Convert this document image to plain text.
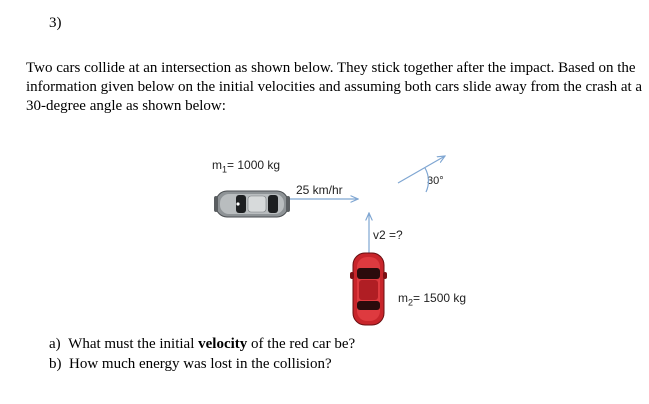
3)
Two cars collide at an intersection as shown below. They stick together after the impact. Based on the information given below on the initial velocities and assuming both cars slide away from the crash at a 30-degree angle as shown below:
$m_1= 1000$ kg
25 km/hr
v2 =?
30°
$m_2= 1500$ kg
a) What must the initial velocity of the red car be?
b) How much energy was lost in the collision?
